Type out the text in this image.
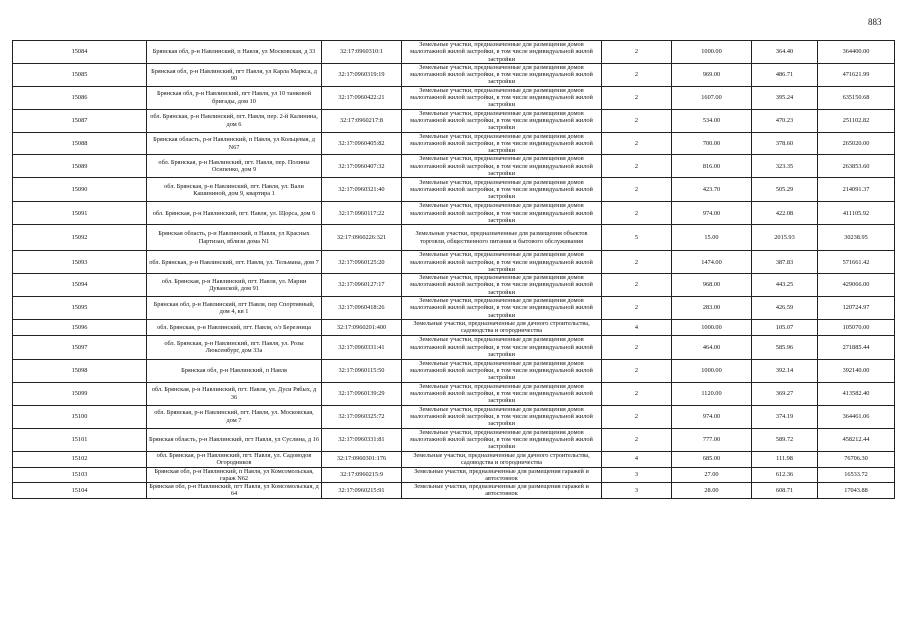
883
15084	Брянская обл, р-н Навлинский, п Навля, ул Московская, д 33	32:17:0960310:1	Земельные участки, предназначенные для размещения домов малоэтажной жилой застройки, в том числе индивидуальной жилой застройки	2	1000.00	364.40	364400.00
15085	Брянская обл, р-н Навлинский, пгт Навля, ул Карла Маркса, д 90	32:17:0960319:19	Земельные участки, предназначенные для размещения домов малоэтажной жилой застройки, в том числе индивидуальной жилой застройки	2	969.00	486.71	471621.99
15086	Брянская обл, р-н Навлинский, пгт Навля, ул 10 танковой бригады, дом 10	32:17:0960422:21	Земельные участки, предназначенные для размещения домов малоэтажной жилой застройки, в том числе индивидуальной жилой застройки	2	1607.00	395.24	635150.68
15087	обл. Брянская, р-н Навлинский, пгт. Навля, пер. 2-й Калинина, дом 6	32:17:0960217:8	Земельные участки, предназначенные для размещения домов малоэтажной жилой застройки, в том числе индивидуальной жилой застройки	2	534.00	470.23	251102.82
15088	Брянская область, р-н Навлинский, п Навля, ул Кольцевая, д N67	32:17:0960405:82	Земельные участки, предназначенные для размещения домов малоэтажной жилой застройки, в том числе индивидуальной жилой застройки	2	700.00	378.60	265020.00
15089	обл. Брянская, р-н Навлинский, пгт. Навля, пер. Полины Осипенко, дом 9	32:17:0960407:32	Земельные участки, предназначенные для размещения домов малоэтажной жилой застройки, в том числе индивидуальной жилой застройки	2	816.00	323.35	263853.60
15090	обл. Брянская, р-н Навлинский, пгт. Навля, ул. Вали Кашининой, дом 9, квартира 1	32:17:0960321:40	Земельные участки, предназначенные для размещения домов малоэтажной жилой застройки, в том числе индивидуальной жилой застройки	2	423.70	505.29	214091.37
15091	обл. Брянская, р-н Навлинский, пгт. Навля, ул. Щорса, дом 6	32:17:0960117:22	Земельные участки, предназначенные для размещения домов малоэтажной жилой застройки, в том числе индивидуальной жилой застройки	2	974.00	422.08	411105.92
15092	Брянская область, р-н Навлинский, п Навля, ул Красных Партизан, вблизи дома N1	32:17:0960226:321	Земельные участки, предназначенные для размещения объектов торговли, общественного питания и бытового обслуживания	5	15.00	2015.93	30238.95
15093	обл. Брянская, р-н Навлинский, пгт. Навля, ул. Тельмана, дом 7	32:17:0960125:20	Земельные участки, предназначенные для размещения домов малоэтажной жилой застройки, в том числе индивидуальной жилой застройки	2	1474.00	387.83	571661.42
15094	обл. Брянская, р-н Навлинский, пгт. Навля, ул. Марии Дуванской, дом 91	32:17:0960127:17	Земельные участки, предназначенные для размещения домов малоэтажной жилой застройки, в том числе индивидуальной жилой застройки	2	968.00	443.25	429066.00
15095	Брянская обл, р-н Навлинский, пгт Навля, пер Спортивный, дом 4, кв 1	32:17:0960418:26	Земельные участки, предназначенные для размещения домов малоэтажной жилой застройки, в том числе индивидуальной жилой застройки	2	283.00	426.59	120724.97
15096	обл. Брянская, р-н Навлинский, пгт. Навля, о/з Березница	32:17:0960201:400	Земельные участки, предназначенные для дачного строительства, садоводства и огородничества	4	1000.00	105.07	105070.00
15097	обл. Брянская, р-н Навлинский, пгт. Навля, ул. Розы Люксембург, дом 33а	32:17:0960331:41	Земельные участки, предназначенные для размещения домов малоэтажной жилой застройки, в том числе индивидуальной жилой застройки	2	464.00	585.96	271885.44
15098	Брянская обл, р-н Навлинский, п Навля	32:17:0960115:50	Земельные участки, предназначенные для размещения домов малоэтажной жилой застройки, в том числе индивидуальной жилой застройки	2	1000.00	392.14	392140.00
15099	обл. Брянская, р-н Навлинский, пгт. Навля, ул. Дуси Рябых, д 36	32:17:0960139:29	Земельные участки, предназначенные для размещения домов малоэтажной жилой застройки, в том числе индивидуальной жилой застройки	2	1120.00	369.27	413582.40
15100	обл. Брянская, р-н Навлинский, пгт. Навля, ул. Московская, дом 7	32:17:0960325:72	Земельные участки, предназначенные для размещения домов малоэтажной жилой застройки, в том числе индивидуальной жилой застройки	2	974.00	374.19	364461.06
15101	Брянская область, р-н Навлинский, пгт Навля, ул Суслина, д 16	32:17:0960331:81	Земельные участки, предназначенные для размещения домов малоэтажной жилой застройки, в том числе индивидуальной жилой застройки	2	777.00	589.72	458212.44
15102	обл. Брянская, р-н Навлинский, пгт. Навля, ул. Садоводов Огородников	32:17:0960301:176	Земельные участки, предназначенные для дачного строительства, садоводства и огородничества	4	685.00	111.98	76706.30
15103	Брянская обл, р-н Навлинский, п Навля, ул Комсомольская, гараж N62	32:17:0960215:9	Земельные участки, предназначенные для размещения гаражей и автостоянок	3	27.00	612.36	16533.72
15104	Брянская обл, р-н Навлинский, пгт Навля, ул Комсомольская, д 64	32:17:0960215:91	Земельные участки, предназначенные для размещения гаражей и автостоянок	3	28.00	608.71	17043.88
